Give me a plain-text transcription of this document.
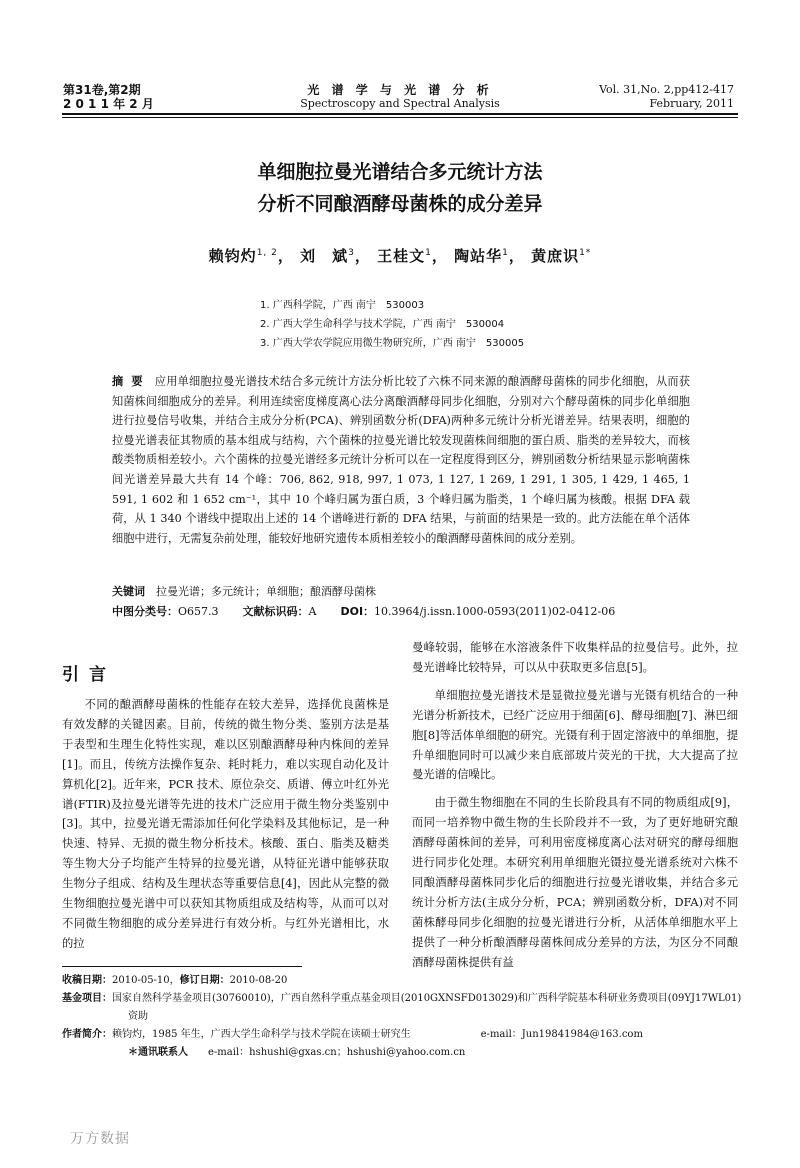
第31卷,第2期
2 0 1 1 年 2 月
光 谱 学 与 光 谱 分 析
Spectroscopy and Spectral Analysis
Vol. 31,No. 2,pp412-417
February, 2011
单细胞拉曼光谱结合多元统计方法
分析不同酿酒酵母菌株的成分差异
赖钧灼$^{1, 2}$， 刘　斌$^3$， 王桂文$^1$， 陶站华$^1$， 黄庶识$^{1*}$
1. 广西科学院，广西 南宁　530003
2. 广西大学生命科学与技术学院，广西 南宁　530004
3. 广西大学农学院应用微生物研究所，广西 南宁　530005
摘要 应用单细胞拉曼光谱技术结合多元统计方法分析比较了六株不同来源的酿酒酵母菌株的同步化细胞，从而获知菌株间细胞成分的差异。利用连续密度梯度离心法分离酿酒酵母同步化细胞，分别对六个酵母菌株的同步化单细胞进行拉曼信号收集，并结合主成分分析(PCA)、辨别函数分析(DFA)两种多元统计分析光谱差异。结果表明，细胞的拉曼光谱表征其物质的基本组成与结构，六个菌株的拉曼光谱比较发现菌株间细胞的蛋白质、脂类的差异较大，而核酸类物质相差较小。六个菌株的拉曼光谱经多元统计分析可以在一定程度得到区分，辨别函数分析结果显示影响菌株间光谱差异最大共有 14 个峰：706, 862, 918, 997, 1 073, 1 127, 1 269, 1 291, 1 305, 1 429, 1 465, 1 591, 1 602 和 1 652 cm⁻¹，其中 10 个峰归属为蛋白质，3 个峰归属为脂类，1 个峰归属为核酸。根据 DFA 载荷，从 1 340 个谱线中提取出上述的 14 个谱峰进行新的 DFA 结果，与前面的结果是一致的。此方法能在单个活体细胞中进行，无需复杂前处理，能较好地研究遗传本质相差较小的酿酒酵母菌株间的成分差别。
关键词　 拉曼光谱；多元统计；单细胞；酿酒酵母菌株
中图分类号：O657.3 文献标识码：A DOI：10.3964/j.issn.1000-0593(2011)02-0412-06
引言

不同的酿酒酵母菌株的性能存在较大差异，选择优良菌株是有效发酵的关键因素。目前，传统的微生物分类、鉴别方法是基于表型和生理生化特性实现，难以区别酿酒酵母种内株间的差异[1]。而且，传统方法操作复杂、耗时耗力，难以实现自动化及计算机化[2]。近年来，PCR 技术、原位杂交、质谱、傅立叶红外光谱(FTIR)及拉曼光谱等先进的技术广泛应用于微生物分类鉴别中[3]。其中，拉曼光谱无需添加任何化学染料及其他标记，是一种快速、特异、无损的微生物分析技术。核酸、蛋白、脂类及糖类等生物大分子均能产生特异的拉曼光谱，从特征光谱中能够获取生物分子组成、结构及生理状态等重要信息[4]，因此从完整的微生物细胞拉曼光谱中可以获知其物质组成及结构等，从而可以对不同微生物细胞的成分差异进行有效分析。与红外光谱相比，水的拉

曼峰较弱，能够在水溶液条件下收集样品的拉曼信号。此外，拉曼光谱峰比较特异，可以从中获取更多信息[5]。

单细胞拉曼光谱技术是显微拉曼光谱与光镊有机结合的一种光谱分析新技术，已经广泛应用于细菌[6]、酵母细胞[7]、淋巴细胞[8]等活体单细胞的研究。光镊有利于固定溶液中的单细胞，提升单细胞同时可以减少来自底部玻片荧光的干扰，大大提高了拉曼光谱的信噪比。

由于微生物细胞在不同的生长阶段具有不同的物质组成[9]，而同一培养物中微生物的生长阶段并不一致，为了更好地研究酿酒酵母菌株间的差异，可利用密度梯度离心法对研究的酵母细胞进行同步化处理。本研究利用单细胞光镊拉曼光谱系统对六株不同酿酒酵母菌株同步化后的细胞进行拉曼光谱收集，并结合多元统计分析方法(主成分分析，PCA；辨别函数分析，DFA)对不同菌株酵母同步化细胞的拉曼光谱进行分析，从活体单细胞水平上提供了一种分析酿酒酵母菌株间成分差异的方法，为区分不同酿酒酵母菌株提供有益

收稿日期：2010-05-10，修订日期：2010-08-20
基金项目：国家自然科学基金项目(30760010)，广西自然科学重点基金项目(2010GXNSFD013029)和广西科学院基本科研业务费项目(09YJ17WL01)资助
作者简介：赖钧灼，1985 年生，广西大学生命科学与技术学院在读硕士研究生	e-mail：Jun19841984@163.com
＊通讯联系人 e-mail：hshushi@gxas.cn；hshushi@yahoo.com.cn
万方数据
